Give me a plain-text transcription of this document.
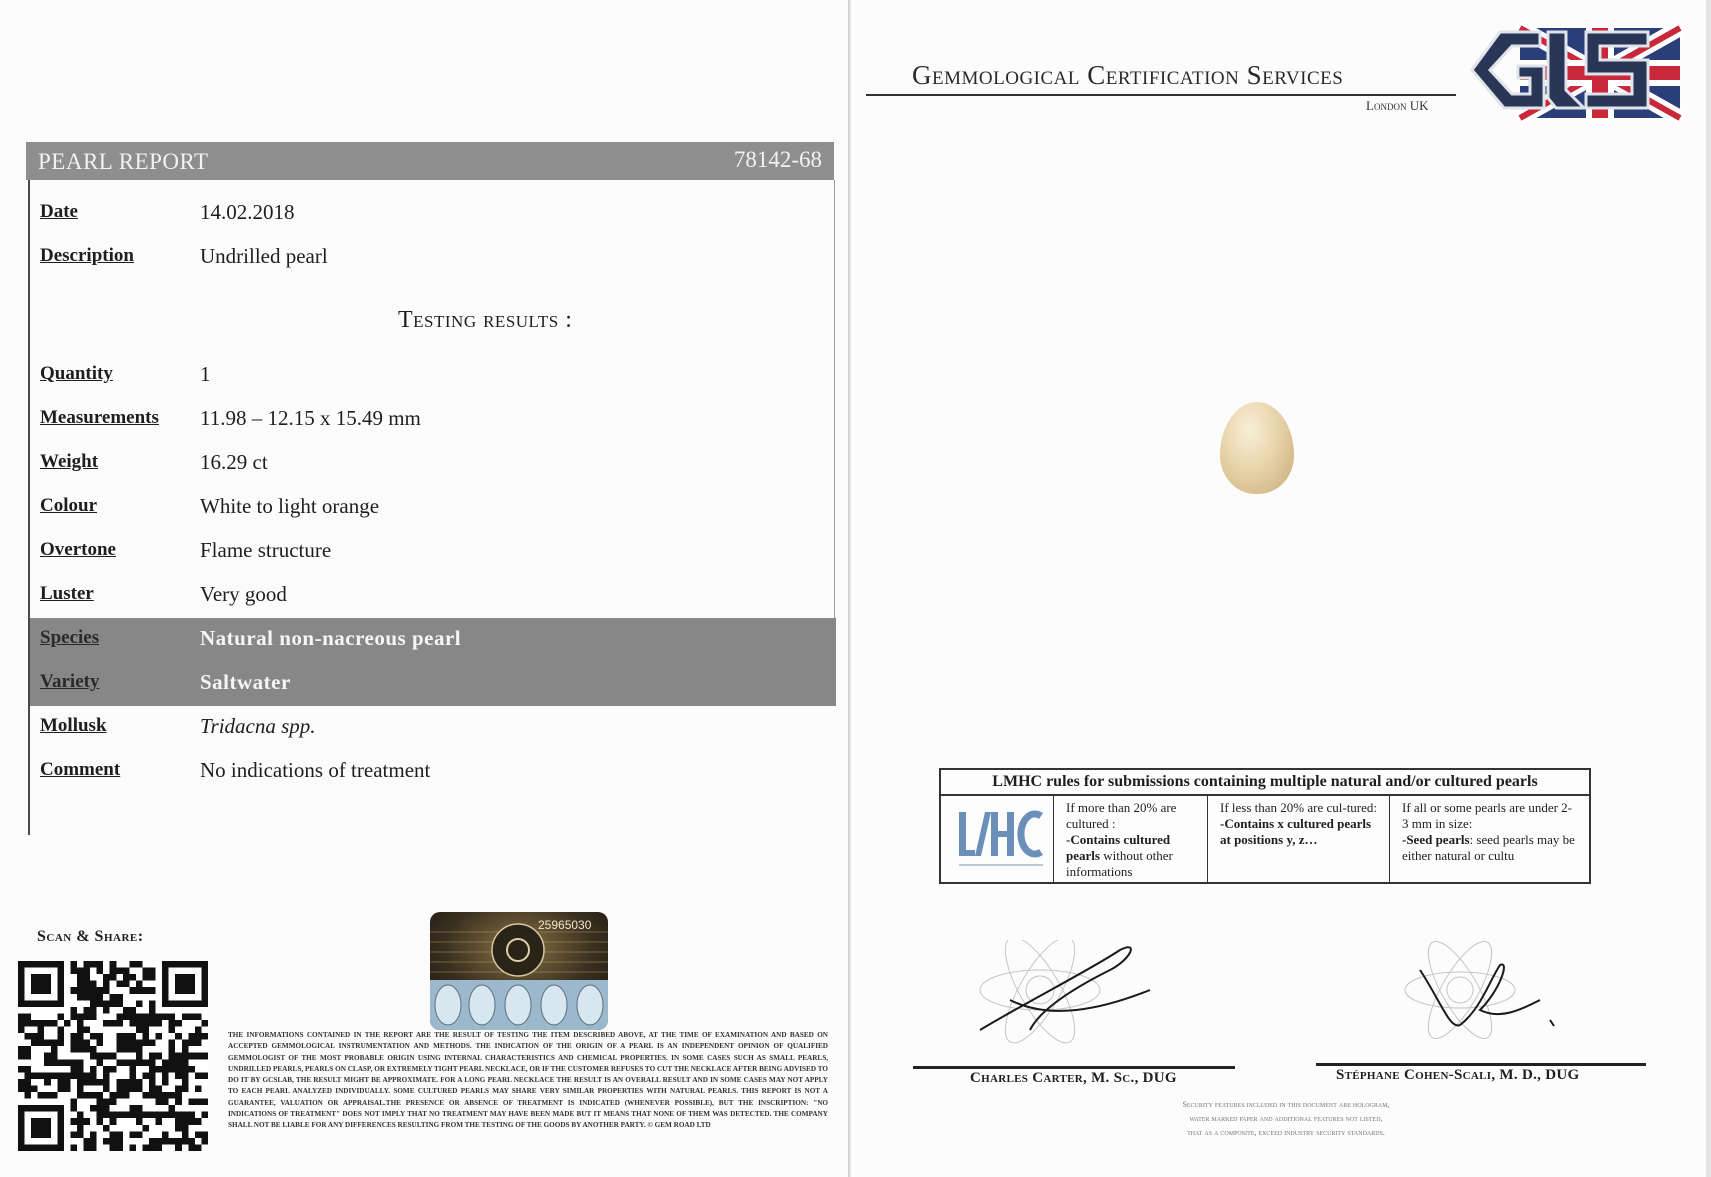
PEARL REPORT	78142-68
Date	14.02.2018
Description	Undrilled pearl
Testing results :
Quantity	1
Measurements 11.98 – 12.15 x 15.49 mm
Weight	16.29 ct
Colour	White to light orange
Overtone	Flame structure
Luster	Very good
Species	Natural non-nacreous pearl
Variety	Saltwater
Mollusk	Tridacna spp.
Comment	No indications of treatment
Scan & Share:
25965030
THE INFORMATIONS CONTAINED IN THE REPORT ARE THE RESULT OF TESTING THE ITEM DESCRIBED ABOVE, AT THE TIME OF EXAMINATION AND BASED ON ACCEPTED GEMMOLOGICAL INSTRUMENTATION AND METHODS. THE INDICATION OF THE ORIGIN OF A PEARL IS AN INDEPENDENT OPINION OF QUALIFIED GEMMOLOGIST OF THE MOST PROBABLE ORIGIN USING INTERNAL CHARACTERISTICS AND CHEMICAL PROPERTIES. IN SOME CASES SUCH AS SMALL PEARLS, UNDRILLED PEARLS, PEARLS ON CLASP, OR EXTREMELY TIGHT PEARL NECKLACE, OR IF THE CUSTOMER REFUSES TO CUT THE NECKLACE AFTER BEING ADVISED TO DO IT BY GCSLAB, THE RESULT MIGHT BE APPROXIMATE. FOR A LONG PEARL NECKLACE THE RESULT IS AN OVERALL RESULT AND IN SOME CASES MAY NOT APPLY TO EACH PEARL ANALYZED INDIVIDUALLY. SOME CULTURED PEARLS MAY SHARE VERY SIMILAR PROPERTIES WITH NATURAL PEARLS. THIS REPORT IS NOT A GUARANTEE, VALUATION OR APPRAISAL.THE PRESENCE OR ABSENCE OF TREATMENT IS INDICATED (WHENEVER POSSIBLE), BUT THE INSCRIPTION: "NO INDICATIONS OF TREATMENT" DOES NOT IMPLY THAT NO TREATMENT MAY HAVE BEEN MADE BUT IT MEANS THAT NONE OF THEM WAS DETECTED. THE COMPANY SHALL NOT BE LIABLE FOR ANY DIFFERENCES RESULTING FROM THE TESTING OF THE GOODS BY ANOTHER PARTY. © GEM ROAD LTD
Gemmological Certification Services
London UK
LMHC rules for submissions containing multiple natural and/or cultured pearls
If more than 20% are cultured :
-Contains cultured pearls without other informations
If less than 20% are cul-tured:
-Contains x cultured pearls at positions y, z…
If all or some pearls are under 2-3 mm in size:
-Seed pearls: seed pearls may be either natural or cultu
Charles Carter, M. Sc., DUG	Stéphane Cohen-Scali, M. D., DUG
Security features included in this document are hologram,
water marked paper and additional features not listed,
that as a composite, exceed industry security standards.
